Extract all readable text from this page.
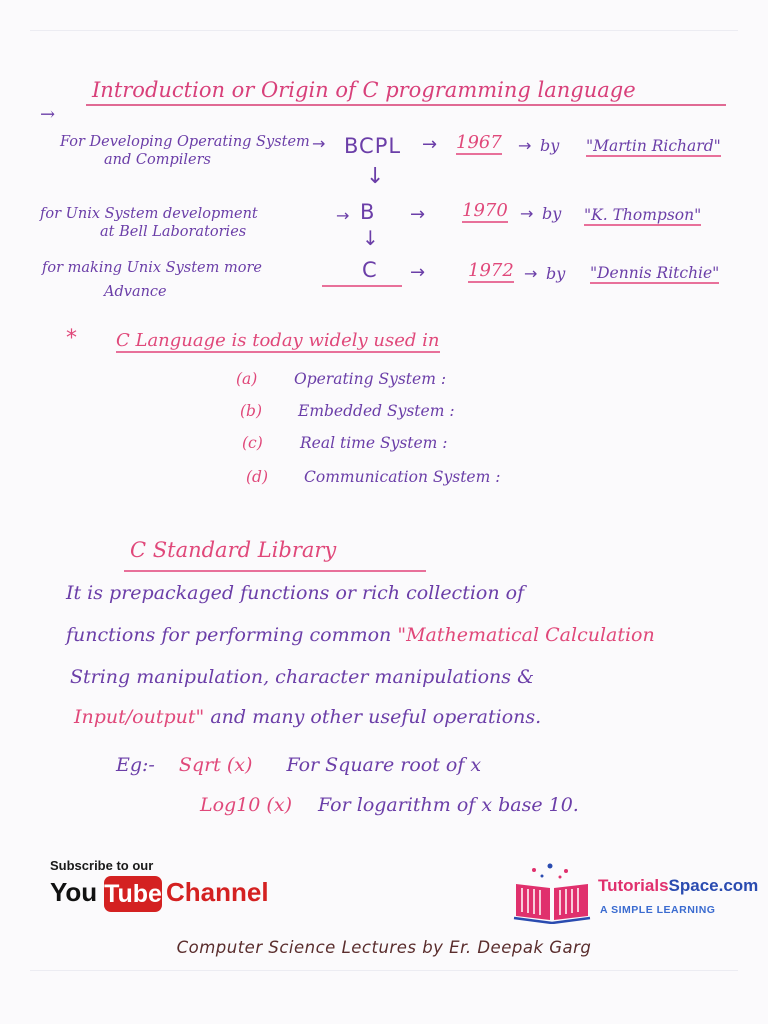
→
Introduction or Origin of C programming language
For Developing Operating System
and Compilers
→ BCPL → 1967 → by "Martin Richard"
↓
for Unix System development
at Bell Laboratories
→ B → 1970 → by "K. Thompson"
↓
for making Unix System more
Advance
C → 1972 → by "Dennis Ritchie"
* C Language is today widely used in
(a) Operating System :
(b) Embedded System :
(c) Real time System :
(d) Communication System :
C Standard Library
It is prepackaged functions or rich collection of
functions for performing common "Mathematical Calculation
String manipulation, character manipulations &
Input/output" and many other useful operations.
Eg:- Sqrt (x) For Square root of x
Log10 (x) For logarithm of x base 10.
Subscribe to our
You Tube Channel	TutorialsSpace.com
A SIMPLE LEARNING
Computer Science Lectures by Er. Deepak Garg
